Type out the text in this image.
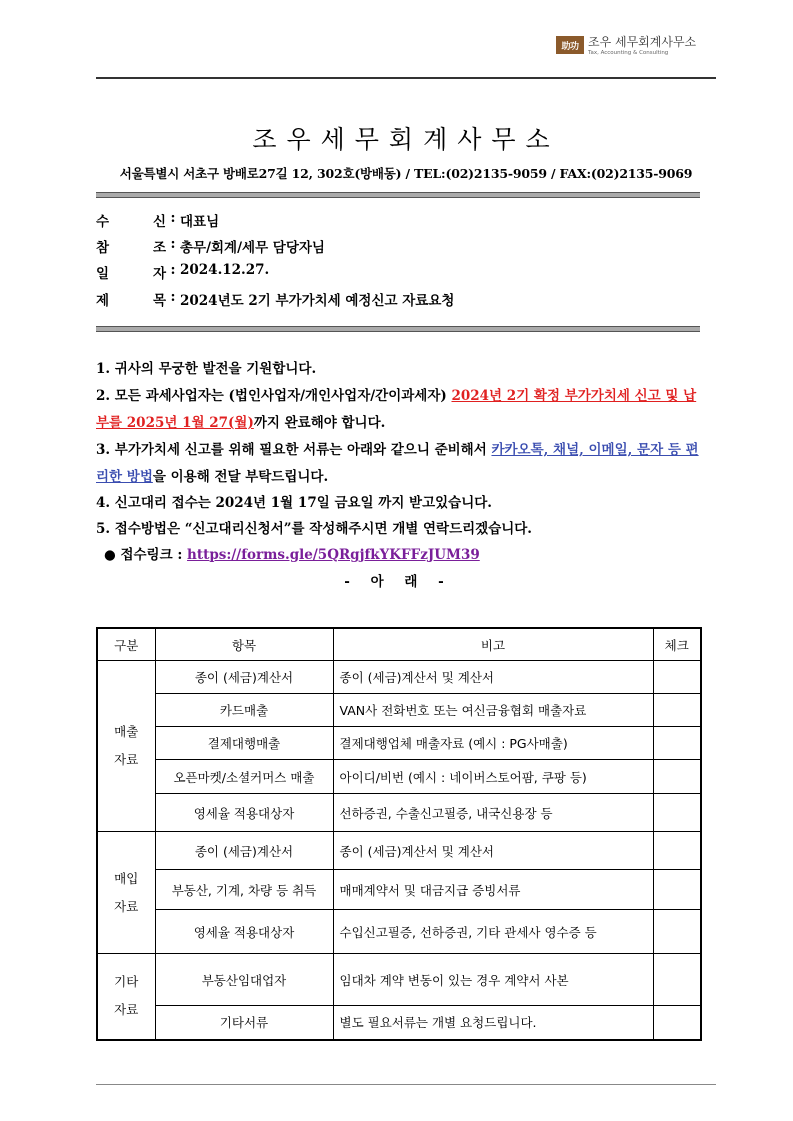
助功 조우 세무회계사무소
Tax, Accounting & Consulting
조우세무회계사무소
서울특별시 서초구 방배로27길 12, 302호(방배동) / TEL:(02)2135-9059 / FAX:(02)2135-9069
수	신 : 대표님
참	조 : 총무/회계/세무 담당자님
일	자 : 2024.12.27.
제	목 : 2024년도 2기 부가가치세 예정신고 자료요청
1. 귀사의 무궁한 발전을 기원합니다.
2. 모든 과세사업자는 (법인사업자/개인사업자/간이과세자) 2024년 2기 확정 부가가치세 신고 및 납부를 2025년 1월 27(월)까지 완료해야 합니다.
3. 부가가치세 신고를 위해 필요한 서류는 아래와 같으니 준비해서 카카오톡, 채널, 이메일, 문자 등 편리한 방법을 이용해 전달 부탁드립니다.
4. 신고대리 접수는 2024년 1월 17일 금요일 까지 받고있습니다.
5. 접수방법은 “신고대리신청서”를 작성해주시면 개별 연락드리겠습니다.
● 접수링크 : https://forms.gle/5QRgjfkYKFFzJUM39
- 아 래 -
구분	항목	비고	체크
매출
자료	종이 (세금)계산서	종이 (세금)계산서 및 계산서	
	카드매출	VAN사 전화번호 또는 여신금융협회 매출자료	
	결제대행매출	결제대행업체 매출자료 (예시 : PG사매출)	
	오픈마켓/소셜커머스 매출	아이디/비번 (예시 : 네이버스토어팜, 쿠팡 등)	
	영세율 적용대상자	선하증권, 수출신고필증, 내국신용장 등	
매입
자료	종이 (세금)계산서	종이 (세금)계산서 및 계산서	
	부동산, 기계, 차량 등 취득	매매계약서 및 대금지급 증빙서류	
	영세율 적용대상자	수입신고필증, 선하증권, 기타 관세사 영수증 등	
기타
자료	부동산임대업자	임대차 계약 변동이 있는 경우 계약서 사본	
	기타서류	별도 필요서류는 개별 요청드립니다.	
